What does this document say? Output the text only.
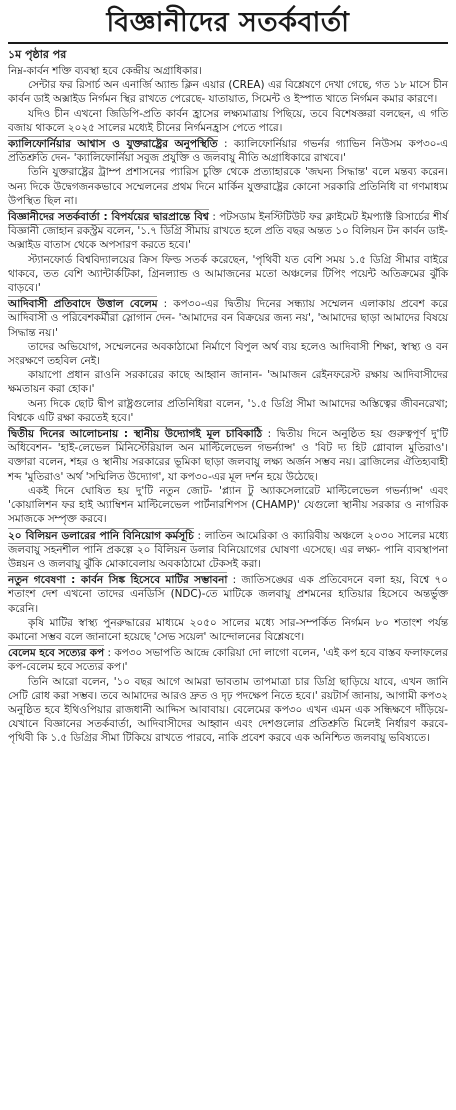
বিজ্ঞানীদের সতর্কবার্তা
১ম পৃষ্ঠার পর

নিম্ন-কার্বন শক্তি ব্যবস্থা হবে কেন্দ্রীয় অগ্রাধিকার।

সেন্টার ফর রিসার্চ অন এনার্জি অ্যান্ড ক্লিন এয়ার (CREA) এর বিশ্লেষণে দেখা গেছে, গত ১৮ মাসে চীন কার্বন ডাই অক্সাইড নির্গমন স্থির রাখতে পেরেছে- যাতায়াত, সিমেন্ট ও ইস্পাত খাতে নির্গমন কমার কারণে।

যদিও চীন এখনো জিডিপি-প্রতি কার্বন হ্রাসের লক্ষ্যমাত্রায় পিছিয়ে, তবে বিশেষজ্ঞরা বলছেন, এ গতি বজায় থাকলে ২০২৫ সালের মধ্যেই চীনের নির্গমনহ্রাস পেতে পারে।

ক্যালিফোর্নিয়ার আশ্বাস ও যুক্তরাষ্ট্রের অনুপস্থিতি : ক্যালিফোর্নিয়ার গভর্নর গ্যাভিন নিউসম কপ৩০-এ প্রতিশ্রুতি দেন- 'ক্যালিফোর্নিয়া সবুজ প্রযুক্তি ও জলবায়ু নীতি অগ্রাধিকারে রাখবে।'

তিনি যুক্তরাষ্ট্রের ট্রাম্প প্রশাসনের প্যারিস চুক্তি থেকে প্রত্যাহারকে 'জঘন্য সিদ্ধান্ত' বলে মন্তব্য করেন। অন্য দিকে উদ্বেগজনকভাবে সম্মেলনের প্রথম দিনে মার্কিন যুক্তরাষ্ট্রের কোনো সরকারি প্রতিনিধি বা গণমাধ্যম উপস্থিত ছিল না।

বিজ্ঞানীদের সতর্কবার্তা : বিপর্যয়ের দ্বারপ্রান্তে বিশ্ব : পটসডাম ইনস্টিটিউট ফর ক্লাইমেট ইমপ্যাক্ট রিসার্চের শীর্ষ বিজ্ঞানী জোহান রকস্ট্রম বলেন, '১.৭ ডিগ্রি সীমায় রাখতে হলে প্রতি বছর অন্তত ১০ বিলিয়ন টন কার্বন ডাই-অক্সাইড বাতাস থেকে অপসারণ করতে হবে।'

স্ট্যানফোর্ড বিশ্ববিদ্যালয়ের ক্রিস ফিল্ড সতর্ক করেছেন, 'পৃথিবী যত বেশি সময় ১.৫ ডিগ্রি সীমার বাইরে থাকবে, তত বেশি অ্যান্টার্কটিকা, গ্রিনল্যান্ড ও আমাজনের মতো অঞ্চলের টিপিং পয়েন্ট অতিক্রমের ঝুঁকি বাড়বে।'

আদিবাসী প্রতিবাদে উত্তাল বেলেম : কপ৩০-এর দ্বিতীয় দিনের সন্ধ্যায় সম্মেলন এলাকায় প্রবেশ করে আদিবাসী ও পরিবেশকর্মীরা স্লোগান দেন- 'আমাদের বন বিক্রয়ের জন্য নয়', 'আমাদের ছাড়া আমাদের বিষয়ে সিদ্ধান্ত নয়।'

তাদের অভিযোগ, সম্মেলনের অবকাঠামো নির্মাণে বিপুল অর্থ ব্যয় হলেও আদিবাসী শিক্ষা, স্বাস্থ্য ও বন সংরক্ষণে তহবিল নেই।

কায়াপো প্রধান রাওনি সরকারের কাছে আহ্বান জানান- 'আমাজন রেইনফরেস্ট রক্ষায় আদিবাসীদের ক্ষমতায়ন করা হোক।'

অন্য দিকে ছোট দ্বীপ রাষ্ট্রগুলোর প্রতিনিধিরা বলেন, '১.৫ ডিগ্রি সীমা আমাদের অস্তিত্বের জীবনরেখা; বিশ্বকে এটি রক্ষা করতেই হবে।'

দ্বিতীয় দিনের আলোচনায় : স্থানীয় উদ্যোগই মূল চাবিকাঠি : দ্বিতীয় দিনে অনুষ্ঠিত হয় গুরুত্বপূর্ণ দু'টি অধিবেশন- 'হাই-লেভেল মিনিস্টেরিয়াল অন মাল্টিলেভেল গভর্ন্যান্স' ও 'বিট দ্য হিট গ্লোবাল মুতিরাও'। বক্তারা বলেন, শহর ও স্থানীয় সরকারের ভূমিকা ছাড়া জলবায়ু লক্ষ্য অর্জন সম্ভব নয়। ব্রাজিলের ঐতিহ্যবাহী শব্দ 'মুতিরাও' অর্থ 'সম্মিলিত উদ্যোগ', যা কপ৩০-এর মূল দর্শন হয়ে উঠেছে।

একই দিনে ঘোষিত হয় দু'টি নতুন জোট- 'প্ল্যান টু অ্যাকসেলারেট মাল্টিলেভেল গভর্ন্যান্স' এবং 'কোয়ালিশন ফর হাই অ্যাম্বিশন মাল্টিলেভেল পার্টনারশিপস (CHAMP)' যেগুলো স্থানীয় সরকার ও নাগরিক সমাজকে সম্পৃক্ত করবে।

২০ বিলিয়ন ডলারের পানি বিনিয়োগ কর্মসূচি : লাতিন আমেরিকা ও ক্যারিবীয় অঞ্চলে ২০৩০ সালের মধ্যে জলবায়ু সহনশীল পানি প্রকল্পে ২০ বিলিয়ন ডলার বিনিয়োগের ঘোষণা এসেছে। এর লক্ষ্য- পানি ব্যবস্থাপনা উন্নয়ন ও জলবায়ু ঝুঁকি মোকাবেলায় অবকাঠামো টেকসই করা।

নতুন গবেষণা : কার্বন সিঙ্ক হিসেবে মাটির সম্ভাবনা : জাতিসঙ্ঘের এক প্রতিবেদনে বলা হয়, বিশ্বে ৭০ শতাংশ দেশ এখনো তাদের এনডিসি (NDC)-তে মাটিকে জলবায়ু প্রশমনের হাতিয়ার হিসেবে অন্তর্ভুক্ত করেনি।

কৃষি মাটির স্বাস্থ্য পুনরুদ্ধারের মাধ্যমে ২০৫০ সালের মধ্যে সার-সম্পর্কিত নির্গমন ৮০ শতাংশ পর্যন্ত কমানো সম্ভব বলে জানানো হয়েছে 'সেভ সয়েল' আন্দোলনের বিশ্লেষণে।

বেলেম হবে সত্যের কপ : কপ৩০ সভাপতি আন্দ্রে কোরিয়া দো লাগো বলেন, 'এই কপ হবে বাস্তব ফলাফলের কপ-বেলেম হবে সত্যের কপ।'

তিনি আরো বলেন, '১০ বছর আগে আমরা ভাবতাম তাপমাত্রা চার ডিগ্রি ছাড়িয়ে যাবে, এখন জানি সেটি রোধ করা সম্ভব। তবে আমাদের আরও দ্রুত ও দৃঢ় পদক্ষেপ নিতে হবে।' রয়টার্স জানায়, আগামী কপ৩২ অনুষ্ঠিত হবে ইথিওপিয়ার রাজধানী আদ্দিস আবাবায়। বেলেমের কপ৩০ এখন এমন এক সন্ধিক্ষণে দাঁড়িয়ে- যেখানে বিজ্ঞানের সতর্কবার্তা, আদিবাসীদের আহ্বান এবং দেশগুলোর প্রতিশ্রুতি মিলেই নির্ধারণ করবে- পৃথিবী কি ১.৫ ডিগ্রির সীমা টিকিয়ে রাখতে পারবে, নাকি প্রবেশ করবে এক অনিশ্চিত জলবায়ু ভবিষ্যতে।
